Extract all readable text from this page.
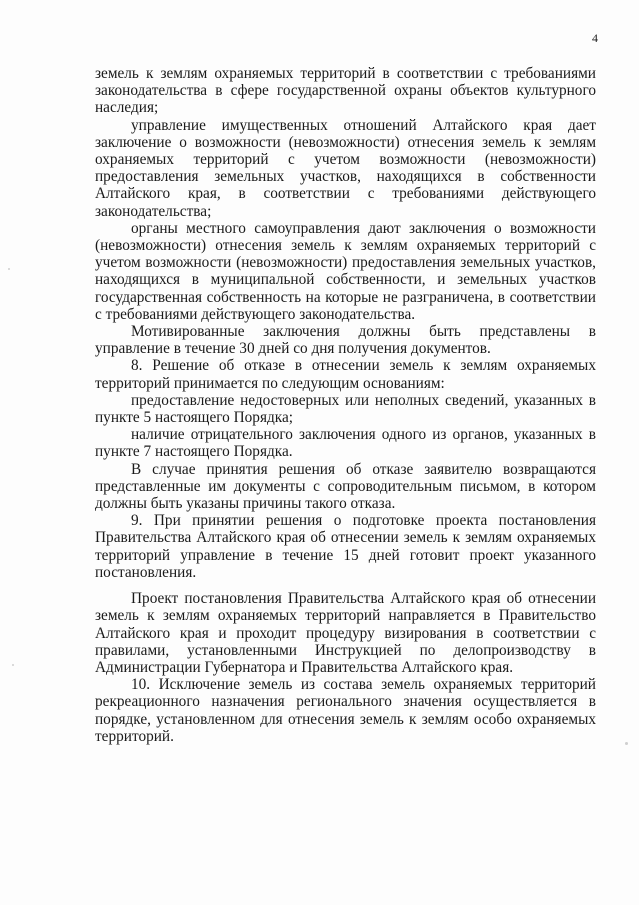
4

земель к землям охраняемых территорий в соответствии с требованиями законодательства в сфере государственной охраны объектов культурного наследия;

управление имущественных отношений Алтайского края дает заключение о возможности (невозможности) отнесения земель к землям охраняемых территорий с учетом возможности (невозможности) предоставления земельных участков, находящихся в собственности Алтайского края, в соответствии с требованиями действующего законодательства;

органы местного самоуправления дают заключения о возможности (невозможности) отнесения земель к землям охраняемых территорий с учетом возможности (невозможности) предоставления земельных участков, находящихся в муниципальной собственности, и земельных участков государственная собственность на которые не разграничена, в соответствии с требованиями действующего законодательства.

Мотивированные заключения должны быть представлены в управление в течение 30 дней со дня получения документов.

8. Решение об отказе в отнесении земель к землям охраняемых территорий принимается по следующим основаниям:

предоставление недостоверных или неполных сведений, указанных в пункте 5 настоящего Порядка;

наличие отрицательного заключения одного из органов, указанных в пункте 7 настоящего Порядка.

В случае принятия решения об отказе заявителю возвращаются представленные им документы с сопроводительным письмом, в котором должны быть указаны причины такого отказа.

9. При принятии решения о подготовке проекта постановления Правительства Алтайского края об отнесении земель к землям охраняемых территорий управление в течение 15 дней готовит проект указанного постановления.

Проект постановления Правительства Алтайского края об отнесении земель к землям охраняемых территорий направляется в Правительство Алтайского края и проходит процедуру визирования в соответствии с правилами, установленными Инструкцией по делопроизводству в Администрации Губернатора и Правительства Алтайского края.

10. Исключение земель из состава земель охраняемых территорий рекреационного назначения регионального значения осуществляется в порядке, установленном для отнесения земель к землям особо охраняемых территорий.
